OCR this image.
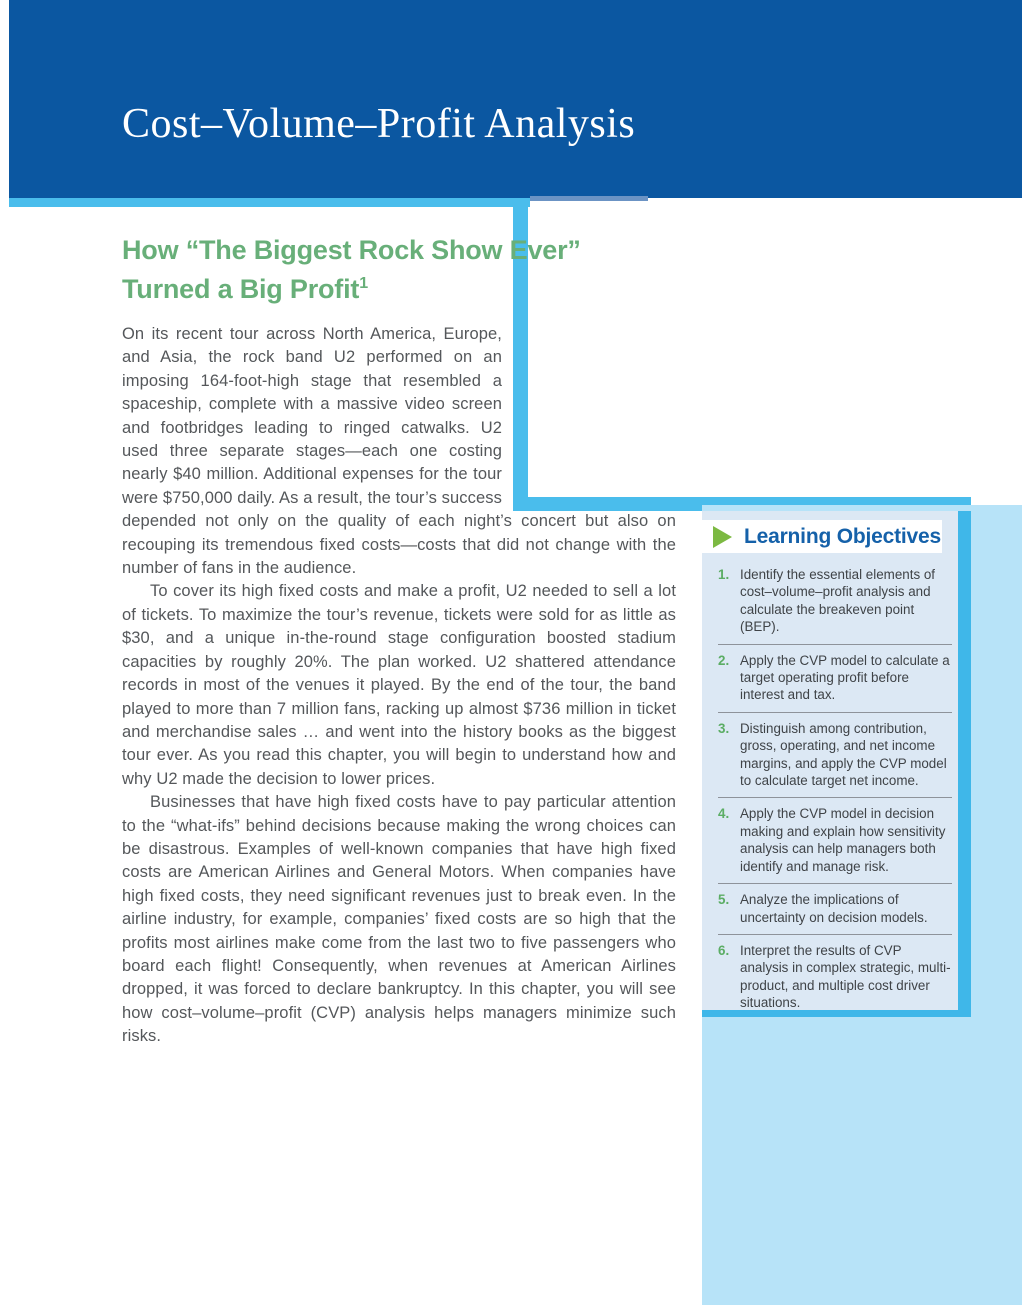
Cost–Volume–Profit Analysis
Learning Objectives
1. Identify the essential elements of cost–volume–profit analysis and calculate the breakeven point (BEP).
2. Apply the CVP model to calculate a target operating profit before interest and tax.
3. Distinguish among contribution, gross, operating, and net income margins, and apply the CVP model to calculate target net income.
4. Apply the CVP model in decision making and explain how sensitivity analysis can help managers both identify and manage risk.
5. Analyze the implications of uncertainty on decision models.
6. Interpret the results of CVP analysis in complex strategic, multi-product, and multiple cost driver situations.
How “The Biggest Rock Show Ever”
Turned a Big Profit$^1$

On its recent tour across North America, Europe, and Asia, the rock band U2 performed on an imposing 164-foot-high stage that resembled a spaceship, complete with a massive video screen and footbridges leading to ringed catwalks. U2 used three separate stages—each one costing nearly $40 million. Additional expenses for the tour were $750,000 daily. As a result, the tour’s success depended not only on the quality of each night’s concert but also on recouping its tremendous fixed costs—costs that did not change with the number of fans in the audience.

To cover its high fixed costs and make a profit, U2 needed to sell a lot of tickets. To maximize the tour’s revenue, tickets were sold for as little as $30, and a unique in-the-round stage configuration boosted stadium capacities by roughly 20%. The plan worked. U2 shattered attendance records in most of the venues it played. By the end of the tour, the band played to more than 7 million fans, racking up almost $736 million in ticket and merchandise sales … and went into the history books as the biggest tour ever. As you read this chapter, you will begin to understand how and why U2 made the decision to lower prices.

Businesses that have high fixed costs have to pay particular attention to the “what-ifs” behind decisions because making the wrong choices can be disastrous. Examples of well-known companies that have high fixed costs are American Airlines and General Motors. When companies have high fixed costs, they need significant revenues just to break even. In the airline industry, for example, companies’ fixed costs are so high that the profits most airlines make come from the last two to five passengers who board each flight! Consequently, when revenues at American Airlines dropped, it was forced to declare bankruptcy. In this chapter, you will see how cost–volume–profit (CVP) analysis helps managers minimize such risks.
